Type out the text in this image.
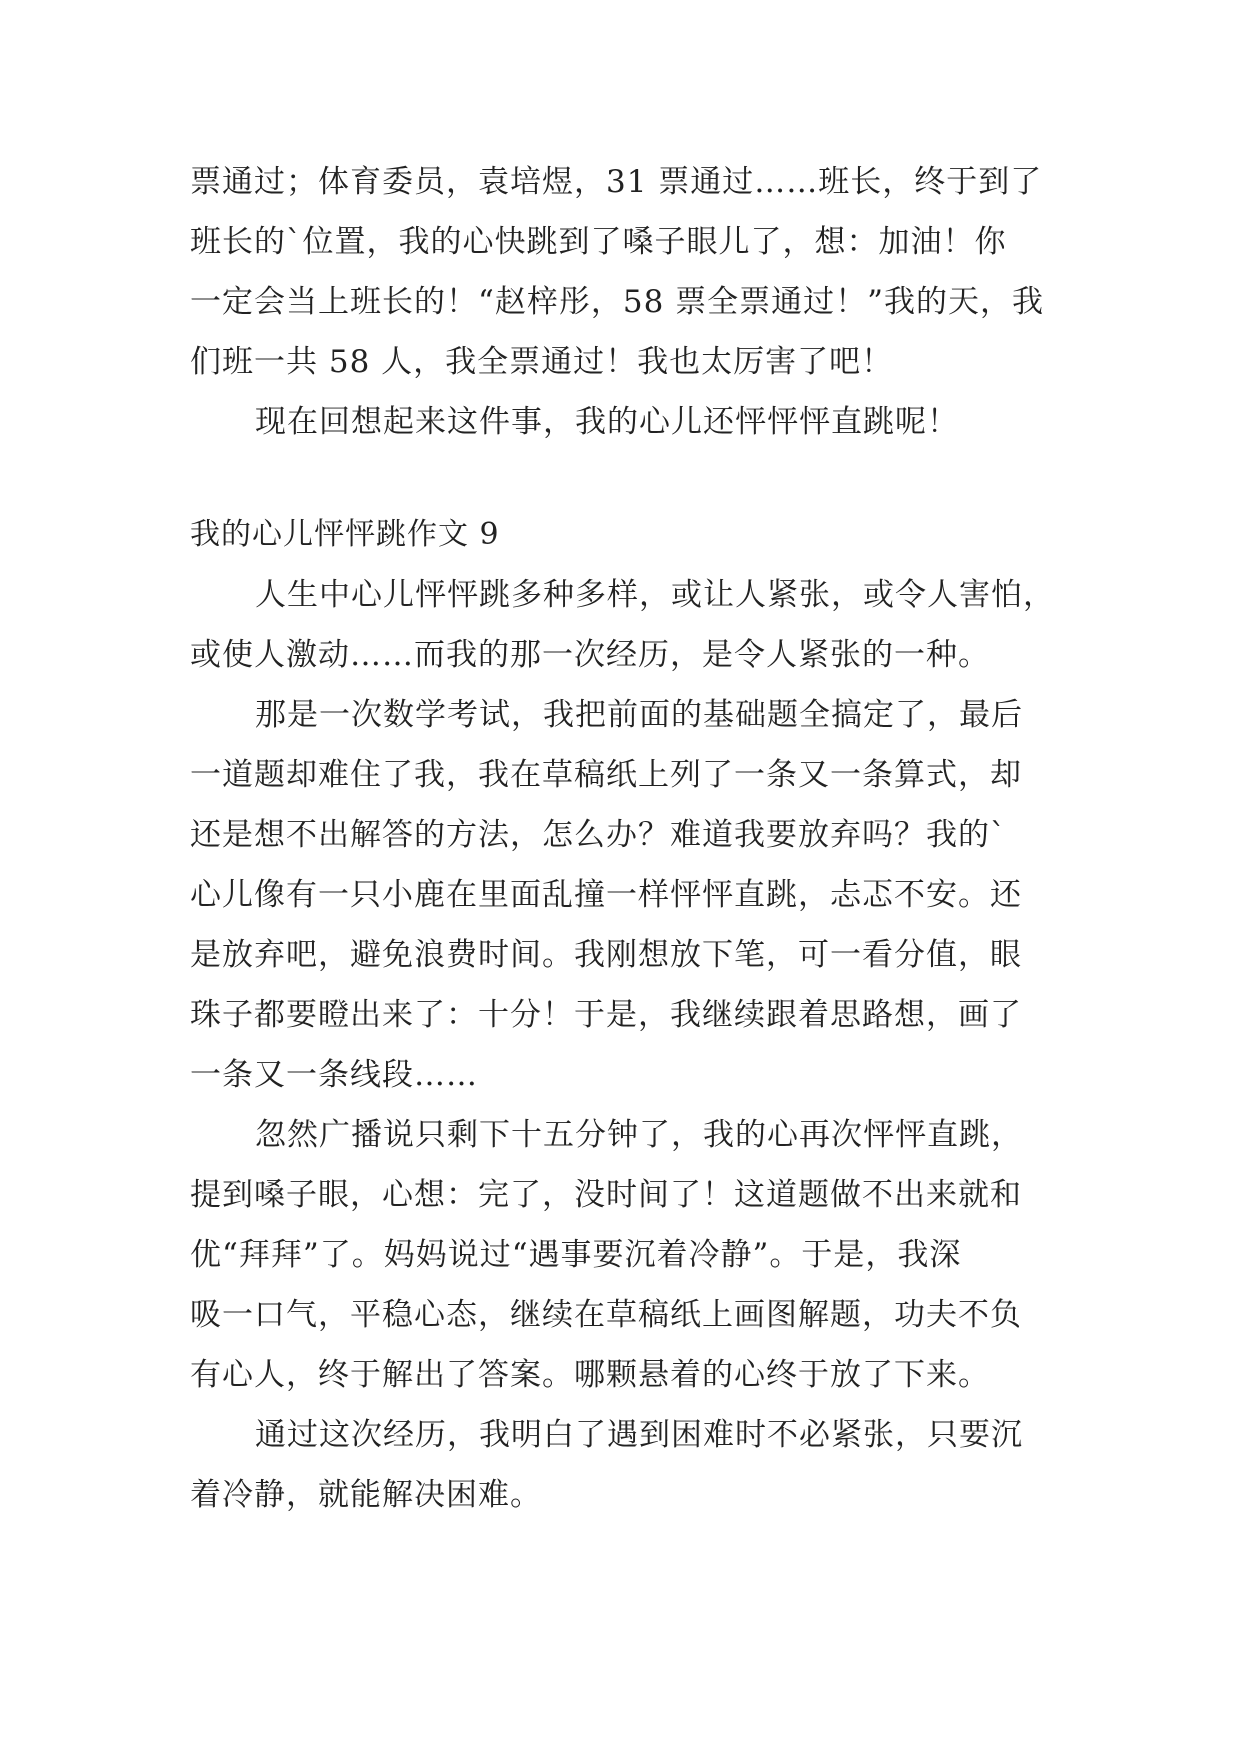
票通过；体育委员，袁培煜，31 票通过……班长，终于到了
班长的`位置，我的心快跳到了嗓子眼儿了，想：加油！你
一定会当上班长的！“赵梓彤，58 票全票通过！”我的天，我
们班一共 58 人，我全票通过！我也太厉害了吧！
现在回想起来这件事，我的心儿还怦怦怦直跳呢！
我的心儿怦怦跳作文 9
人生中心儿怦怦跳多种多样，或让人紧张，或令人害怕，
或使人激动……而我的那一次经历，是令人紧张的一种。
那是一次数学考试，我把前面的基础题全搞定了，最后
一道题却难住了我，我在草稿纸上列了一条又一条算式，却
还是想不出解答的方法，怎么办？难道我要放弃吗？我的`
心儿像有一只小鹿在里面乱撞一样怦怦直跳，忐忑不安。还
是放弃吧，避免浪费时间。我刚想放下笔，可一看分值，眼
珠子都要瞪出来了：十分！于是，我继续跟着思路想，画了
一条又一条线段……
忽然广播说只剩下十五分钟了，我的心再次怦怦直跳，
提到嗓子眼，心想：完了，没时间了！这道题做不出来就和
优“拜拜”了。妈妈说过“遇事要沉着冷静”。于是，我深
吸一口气，平稳心态，继续在草稿纸上画图解题，功夫不负
有心人，终于解出了答案。哪颗悬着的心终于放了下来。
通过这次经历，我明白了遇到困难时不必紧张，只要沉
着冷静，就能解决困难。
